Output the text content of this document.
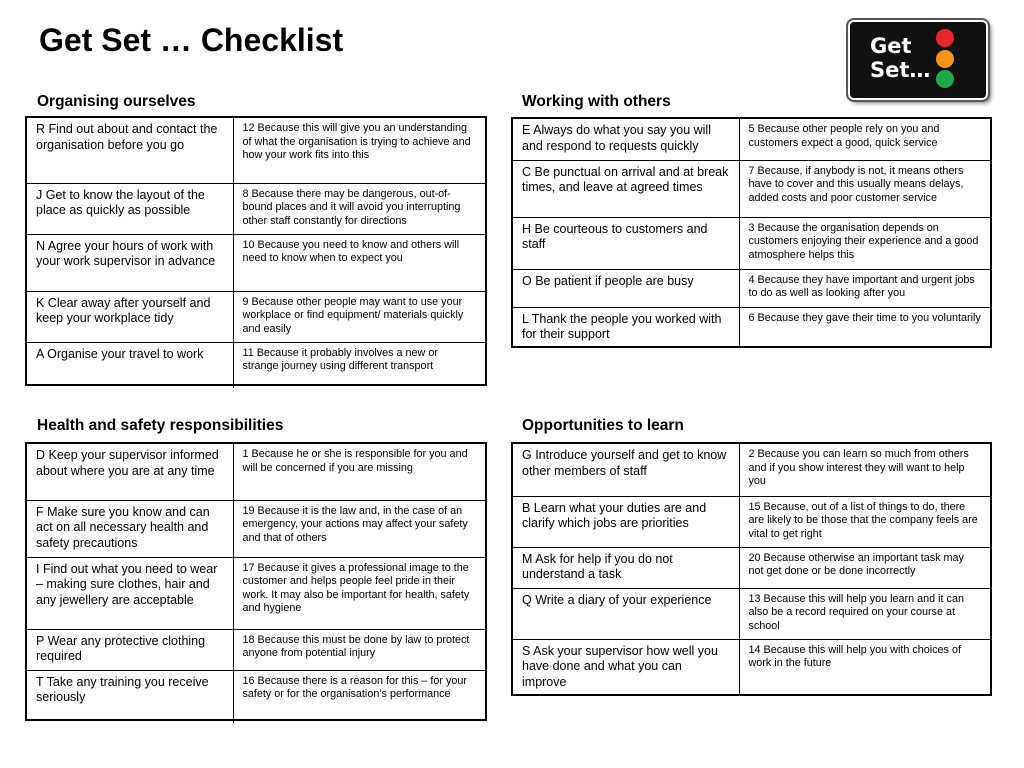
Get Set … Checklist	Get
Set…
Organising ourselves
R Find out about and contact the organisation before you go	12 Because this will give you an understanding of what the organisation is trying to achieve and how your work fits into this
J Get to know the layout of the place as quickly as possible	8 Because there may be dangerous, out-of-bound places and it will avoid you interrupting other staff constantly for directions
N Agree your hours of work with your work supervisor in advance	10 Because you need to know and others will need to know when to expect you
K Clear away after yourself and keep your workplace tidy	9 Because other people may want to use your workplace or find equipment/ materials quickly and easily
A Organise your travel to work	11 Because it probably involves a new or strange journey using different transport
Working with others
E Always do what you say you will and respond to requests quickly	5 Because other people rely on you and customers expect a good, quick service
C Be punctual on arrival and at break times, and leave at agreed times	7 Because, if anybody is not, it means others have to cover and this usually means delays, added costs and poor customer service
H Be courteous to customers and staff	3 Because the organisation depends on customers enjoying their experience and a good atmosphere helps this
O Be patient if people are busy	4 Because they have important and urgent jobs to do as well as looking after you
L Thank the people you worked with for their support	6 Because they gave their time to you voluntarily
Health and safety responsibilities
D Keep your supervisor informed about where you are at any time	1 Because he or she is responsible for you and will be concerned if you are missing
F Make sure you know and can act on all necessary health and safety precautions	19 Because it is the law and, in the case of an emergency, your actions may affect your safety and that of others
I Find out what you need to wear – making sure clothes, hair and any jewellery are acceptable	17 Because it gives a professional image to the customer and helps people feel pride in their work. It may also be important for health, safety and hygiene
P Wear any protective clothing required	18 Because this must be done by law to protect anyone from potential injury
T Take any training you receive seriously	16 Because there is a reason for this – for your safety or for the organisation’s performance
Opportunities to learn
G Introduce yourself and get to know other members of staff	2 Because you can learn so much from others and if you show interest they will want to help you
B Learn what your duties are and clarify which jobs are priorities	15 Because, out of a list of things to do, there are likely to be those that the company feels are vital to get right
M Ask for help if you do not understand a task	20 Because otherwise an important task may not get done or be done incorrectly
Q Write a diary of your experience	13 Because this will help you learn and it can also be a record required on your course at school
S Ask your supervisor how well you have done and what you can improve	14 Because this will help you with choices of work in the future
